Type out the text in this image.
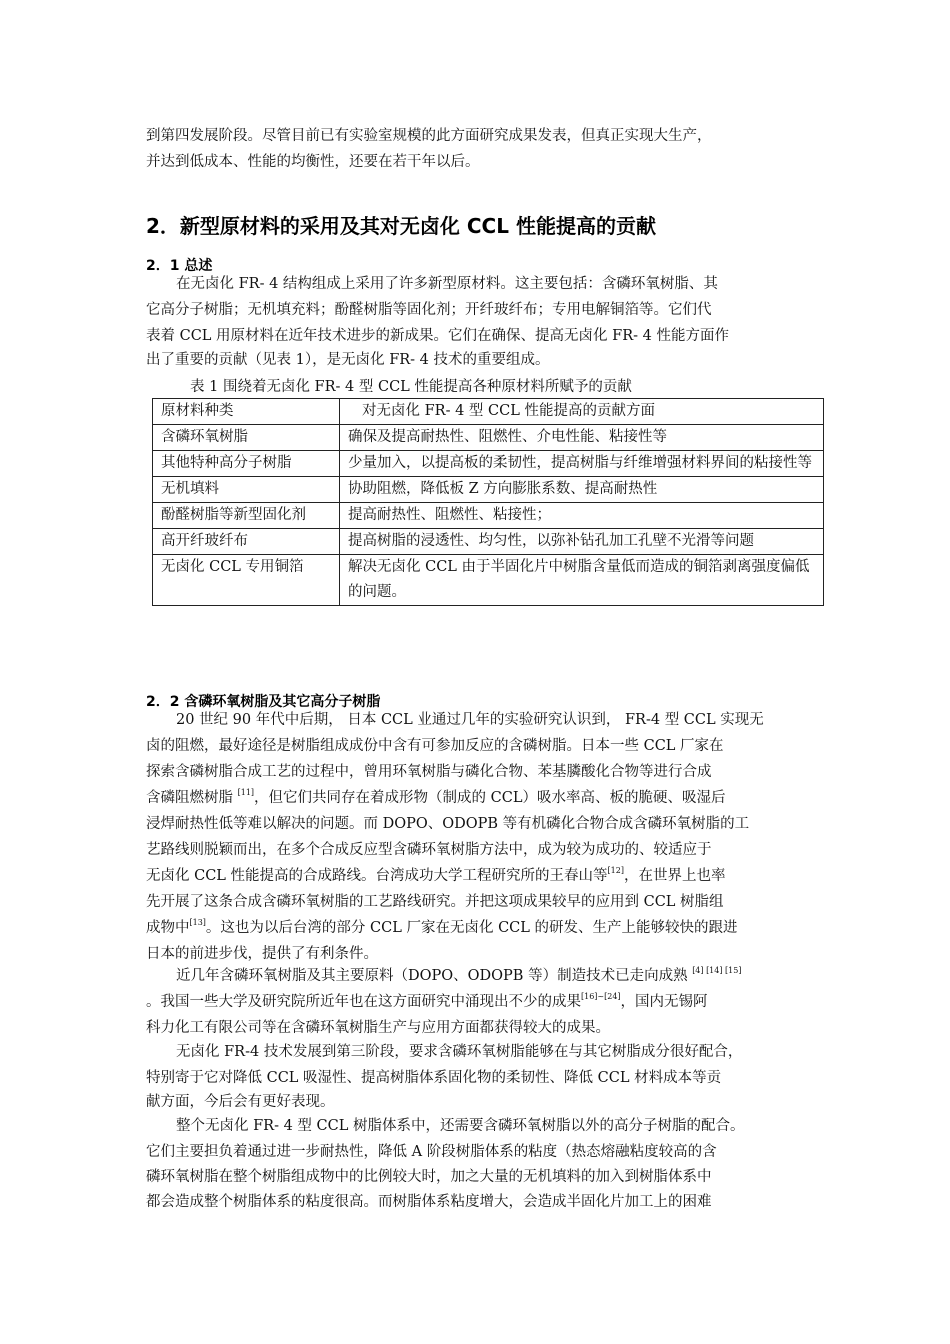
到第四发展阶段。尽管目前已有实验室规模的此方面研究成果发表，但真正实现大生产，
并达到低成本、性能的均衡性，还要在若干年以后。
2．新型原材料的采用及其对无卤化 CCL 性能提高的贡献
2．1 总述
在无卤化 FR- 4 结构组成上采用了许多新型原材料。这主要包括：含磷环氧树脂、其
它高分子树脂；无机填充料；酚醛树脂等固化剂；开纤玻纤布；专用电解铜箔等。它们代
表着 CCL 用原材料在近年技术进步的新成果。它们在确保、提高无卤化 FR- 4 性能方面作
出了重要的贡献（见表 1），是无卤化 FR- 4 技术的重要组成。
表 1 围绕着无卤化 FR- 4 型 CCL 性能提高各种原材料所赋予的贡献
原材料种类	对无卤化 FR- 4 型 CCL 性能提高的贡献方面
含磷环氧树脂	确保及提高耐热性、阻燃性、介电性能、粘接性等
其他特种高分子树脂	少量加入，以提高板的柔韧性，提高树脂与纤维增强材料界间的粘接性等
无机填料	协助阻燃，降低板 Z 方向膨胀系数、提高耐热性
酚醛树脂等新型固化剂	提高耐热性、阻燃性、粘接性；
高开纤玻纤布	提高树脂的浸透性、均匀性，以弥补钻孔加工孔壁不光滑等问题
无卤化 CCL 专用铜箔	解决无卤化 CCL 由于半固化片中树脂含量低而造成的铜箔剥离强度偏低的问题。
2．2 含磷环氧树脂及其它高分子树脂
20 世纪 90 年代中后期， 日本 CCL 业通过几年的实验研究认识到， FR-4 型 CCL 实现无
卤的阻燃，最好途径是树脂组成成份中含有可参加反应的含磷树脂。日本一些 CCL 厂家在
探索含磷树脂合成工艺的过程中，曾用环氧树脂与磷化合物、苯基膦酸化合物等进行合成
含磷阻燃树脂 [11]，但它们共同存在着成形物（制成的 CCL）吸水率高、板的脆硬、吸湿后
浸焊耐热性低等难以解决的问题。而 DOPO、ODOPB 等有机磷化合物合成含磷环氧树脂的工
艺路线则脱颖而出，在多个合成反应型含磷环氧树脂方法中，成为较为成功的、较适应于
无卤化 CCL 性能提高的合成路线。台湾成功大学工程研究所的王春山等[12]，在世界上也率
先开展了这条合成含磷环氧树脂的工艺路线研究。并把这项成果较早的应用到 CCL 树脂组
成物中[13]。这也为以后台湾的部分 CCL 厂家在无卤化 CCL 的研发、生产上能够较快的跟进
日本的前进步伐，提供了有利条件。
近几年含磷环氧树脂及其主要原料（DOPO、ODOPB 等）制造技术已走向成熟 [4] [14] [15]
。我国一些大学及研究院所近年也在这方面研究中涌现出不少的成果[16]~[24]，国内无锡阿
科力化工有限公司等在含磷环氧树脂生产与应用方面都获得较大的成果。
无卤化 FR-4 技术发展到第三阶段，要求含磷环氧树脂能够在与其它树脂成分很好配合，
特别寄于它对降低 CCL 吸湿性、提高树脂体系固化物的柔韧性、降低 CCL 材料成本等贡
献方面，今后会有更好表现。
整个无卤化 FR- 4 型 CCL 树脂体系中，还需要含磷环氧树脂以外的高分子树脂的配合。
它们主要担负着通过进一步耐热性，降低 A 阶段树脂体系的粘度（热态熔融粘度较高的含
磷环氧树脂在整个树脂组成物中的比例较大时，加之大量的无机填料的加入到树脂体系中
都会造成整个树脂体系的粘度很高。而树脂体系粘度增大，会造成半固化片加工上的困难
